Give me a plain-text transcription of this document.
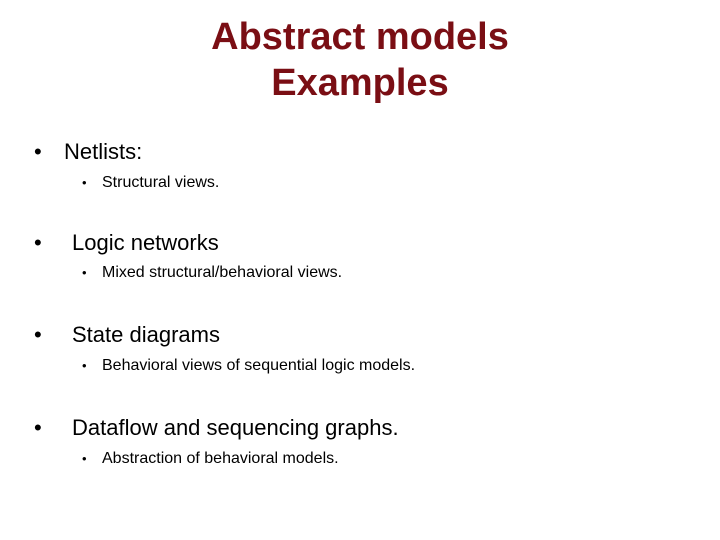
Abstract models
Examples
•	Netlists:
• Structural views.
•	Logic networks
• Mixed structural/behavioral views.
•	State diagrams
• Behavioral views of sequential logic models.
•	Dataflow and sequencing graphs.
• Abstraction of behavioral models.
